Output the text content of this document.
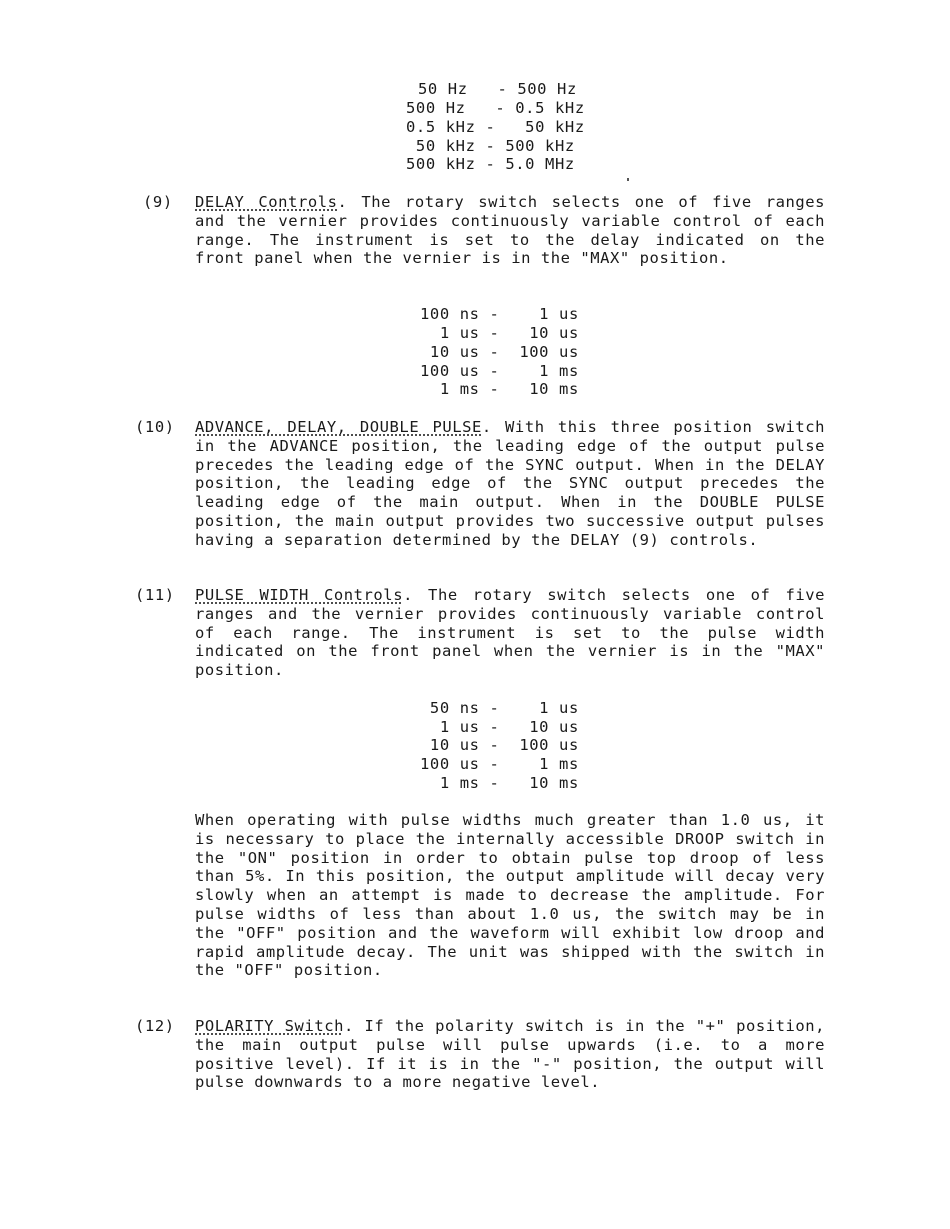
50 Hz   - 500 Hz
500 Hz   - 0.5 kHz
0.5 kHz -   50 kHz
50 kHz - 500 kHz
500 kHz - 5.0 MHz
(9) DELAY Controls. The rotary switch selects one of five ranges and the vernier provides continuously variable control of each range. The instrument is set to the delay indicated on the front panel when the vernier is in the "MAX" position.
100 ns -    1 us
1 us -   10 us
10 us -  100 us
100 us -    1 ms
1 ms -   10 ms
(10) ADVANCE, DELAY, DOUBLE PULSE. With this three position switch in the ADVANCE position, the leading edge of the output pulse precedes the leading edge of the SYNC output. When in the DELAY position, the leading edge of the SYNC output precedes the leading edge of the main output. When in the DOUBLE PULSE position, the main output provides two successive output pulses having a separation determined by the DELAY (9) controls.
(11) PULSE WIDTH Controls. The rotary switch selects one of five ranges and the vernier provides continuously variable control of each range. The instrument is set to the pulse width indicated on the front panel when the vernier is in the "MAX" position.
50 ns -    1 us
1 us -   10 us
10 us -  100 us
100 us -    1 ms
1 ms -   10 ms
When operating with pulse widths much greater than 1.0 us, it is necessary to place the internally accessible DROOP switch in the "ON" position in order to obtain pulse top droop of less than 5%. In this position, the output amplitude will decay very slowly when an attempt is made to decrease the amplitude. For pulse widths of less than about 1.0 us, the switch may be in the "OFF" position and the waveform will exhibit low droop and rapid amplitude decay. The unit was shipped with the switch in the "OFF" position.
(12) POLARITY Switch. If the polarity switch is in the "+" position, the main output pulse will pulse upwards (i.e. to a more positive level). If it is in the "-" position, the output will pulse downwards to a more negative level.
